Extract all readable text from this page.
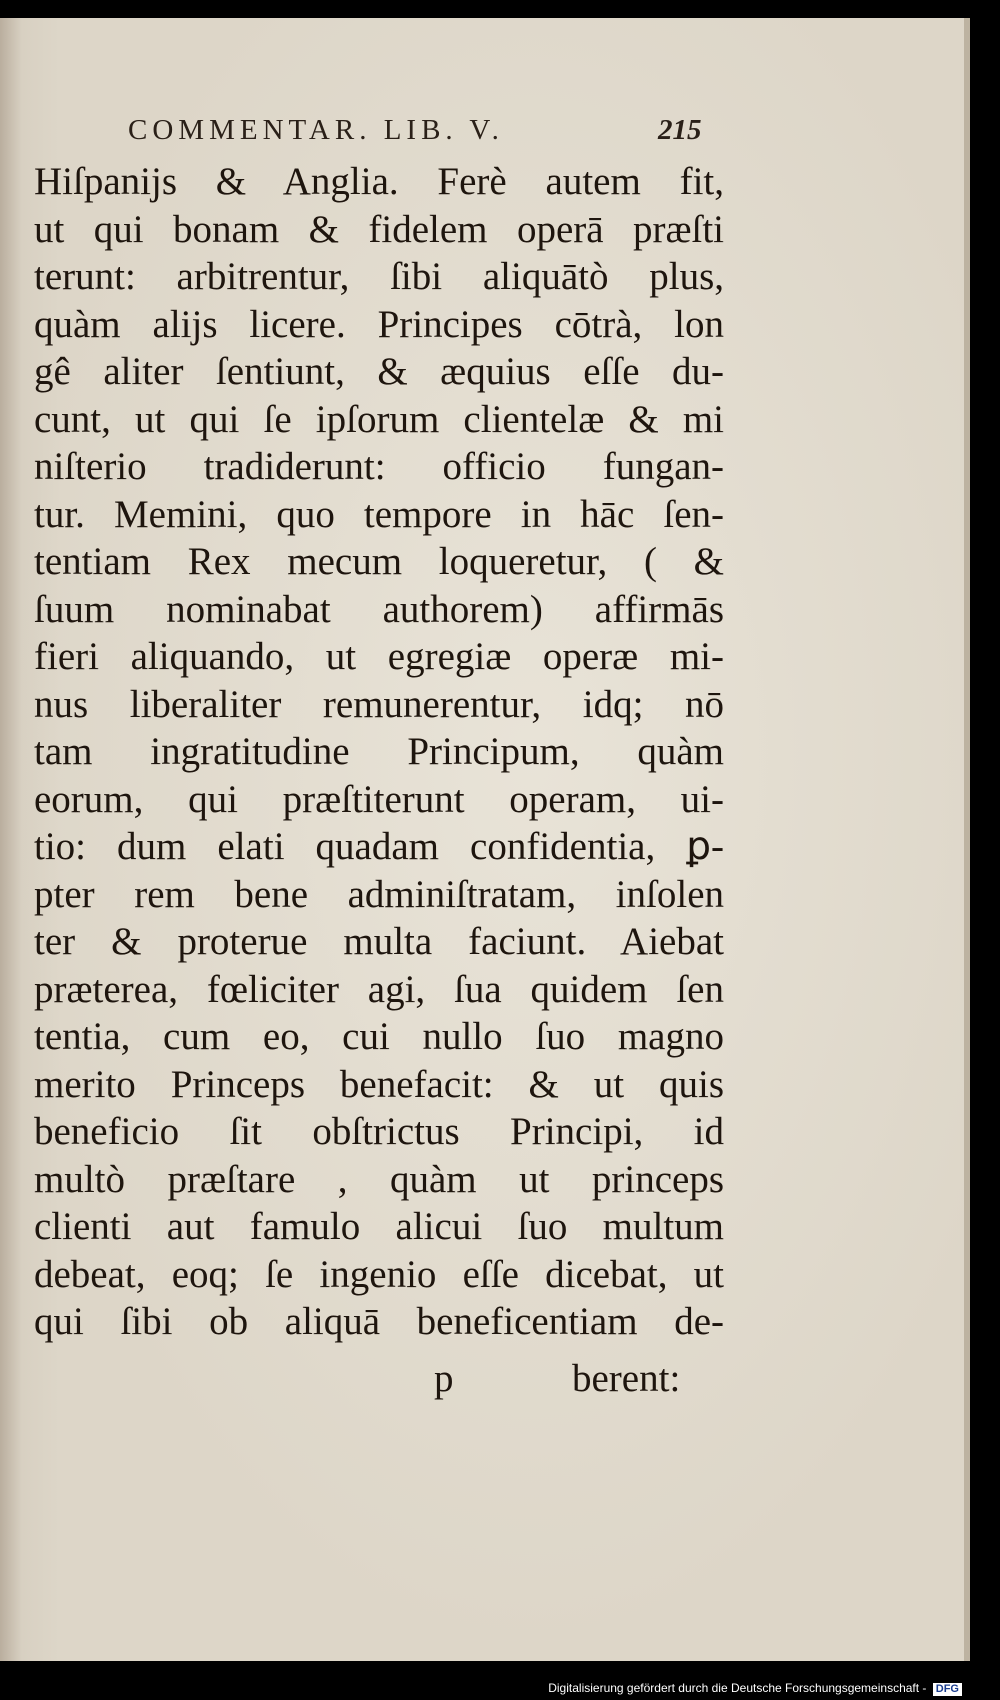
COMMENTAR. LIB. V.	215
Hiſpanijs & Anglia. Ferè autem fit,
ut qui bonam & fidelem operā præſti
terunt: arbitrentur, ſibi aliquātò plus,
quàm alijs licere. Principes cōtrà, lon
gê aliter ſentiunt, & æquius eſſe du-
cunt, ut qui ſe ipſorum clientelæ & mi
niſterio tradiderunt: officio fungan-
tur. Memini, quo tempore in hāc ſen-
tentiam Rex mecum loqueretur, ( &
ſuum nominabat authorem) affirmās
fieri aliquando, ut egregiæ operæ mi-
nus liberaliter remunerentur, idq; nō
tam ingratitudine Principum, quàm
eorum, qui præſtiterunt operam, ui-
tio: dum elati quadam confidentia, ꝑ-
pter rem bene adminiſtratam, inſolen
ter & proterue multa faciunt. Aiebat
præterea, fœliciter agi, ſua quidem ſen
tentia, cum eo, cui nullo ſuo magno
merito Princeps benefacit: & ut quis
beneficio ſit obſtrictus Principi, id
multò præſtare , quàm ut princeps
clienti aut famulo alicui ſuo multum
debeat, eoq; ſe ingenio eſſe dicebat, ut
qui ſibi ob aliquā beneficentiam de-
p	berent:
Digitalisierung gefördert durch die Deutsche Forschungsgemeinschaft - DFG
